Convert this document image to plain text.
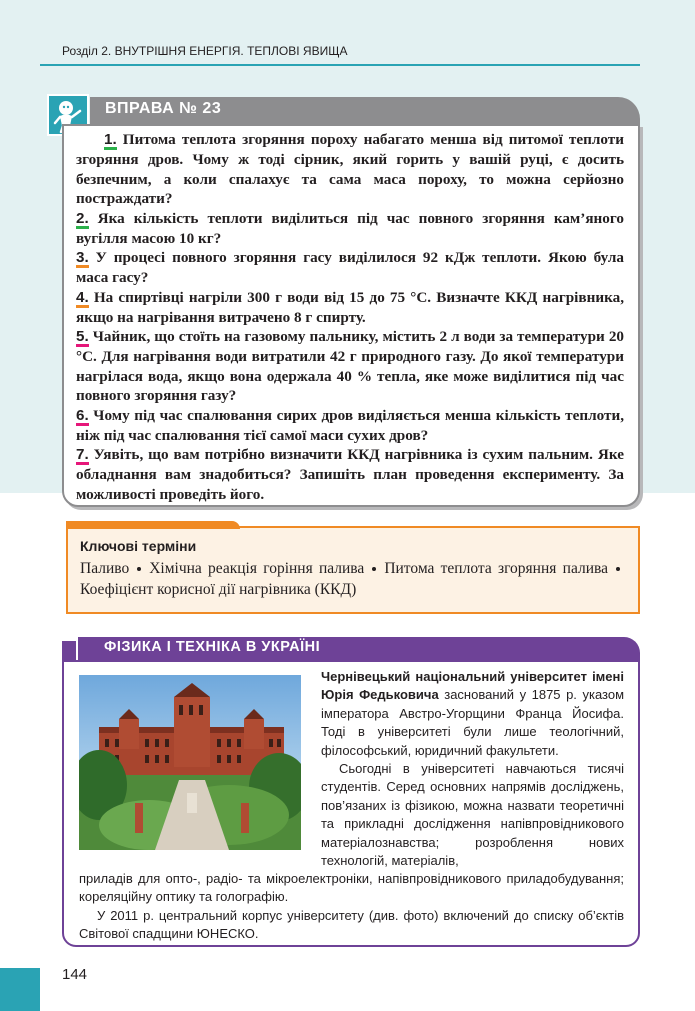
Розділ 2. ВНУТРІШНЯ ЕНЕРГІЯ. ТЕПЛОВІ ЯВИЩА
ВПРАВА № 23

1. Питома теплота згоряння пороху набагато менша від питомої теплоти згоряння дров. Чому ж тоді сірник, який горить у вашій руці, є досить безпечним, а коли спалахує та сама маса пороху, то можна серйозно постраждати?

2. Яка кількість теплоти виділиться під час повного згоряння кам’яного вугілля масою 10 кг?

3. У процесі повного згоряння гасу виділилося 92 кДж теплоти. Якою була маса гасу?

4. На спиртівці нагріли 300 г води від 15 до 75 °С. Визначте ККД нагрівника, якщо на нагрівання витрачено 8 г спирту.

5. Чайник, що стоїть на газовому пальнику, містить 2 л води за температури 20 °С. Для нагрівання води витратили 42 г природного газу. До якої температури нагрілася вода, якщо вона одержала 40 % тепла, яке може виділитися під час повного згоряння газу?

6. Чому під час спалювання сирих дров виділяється менша кількість теплоти, ніж під час спалювання тієї самої маси сухих дров?

7. Уявіть, що вам потрібно визначити ККД нагрівника із сухим пальним. Яке обладнання вам знадобиться? Запишіть план проведення експерименту. За можливості проведіть його.

Ключові терміни
Паливо Хімічна реакція горіння палива Питома теплота згоряння паливаКоефіцієнт корисної дії нагрівника (ККД)
ФІЗИКА І ТЕХНІКА В УКРАЇНІ

Чернівецький національний університет імені Юрія Федьковича заснований у 1875 р. указом імператора Австро-Угорщини Франца Йосифа. Тоді в університеті були лише теологічний, філософський, юридичний факультети.

Сьогодні в університеті навчаються тисячі студентів. Серед основних напрямів досліджень, пов’язаних із фізикою, можна назвати теоретичні та прикладні дослідження напівпровідникового матеріалознавства; розроблення нових технологій, матеріалів,

приладів для опто-, радіо- та мікроелектроніки, напівпровідникового приладобудування; кореляційну оптику та голографію.

У 2011 р. центральний корпус університету (див. фото) включений до списку об’єктів Світової спадщини ЮНЕСКО.

144
